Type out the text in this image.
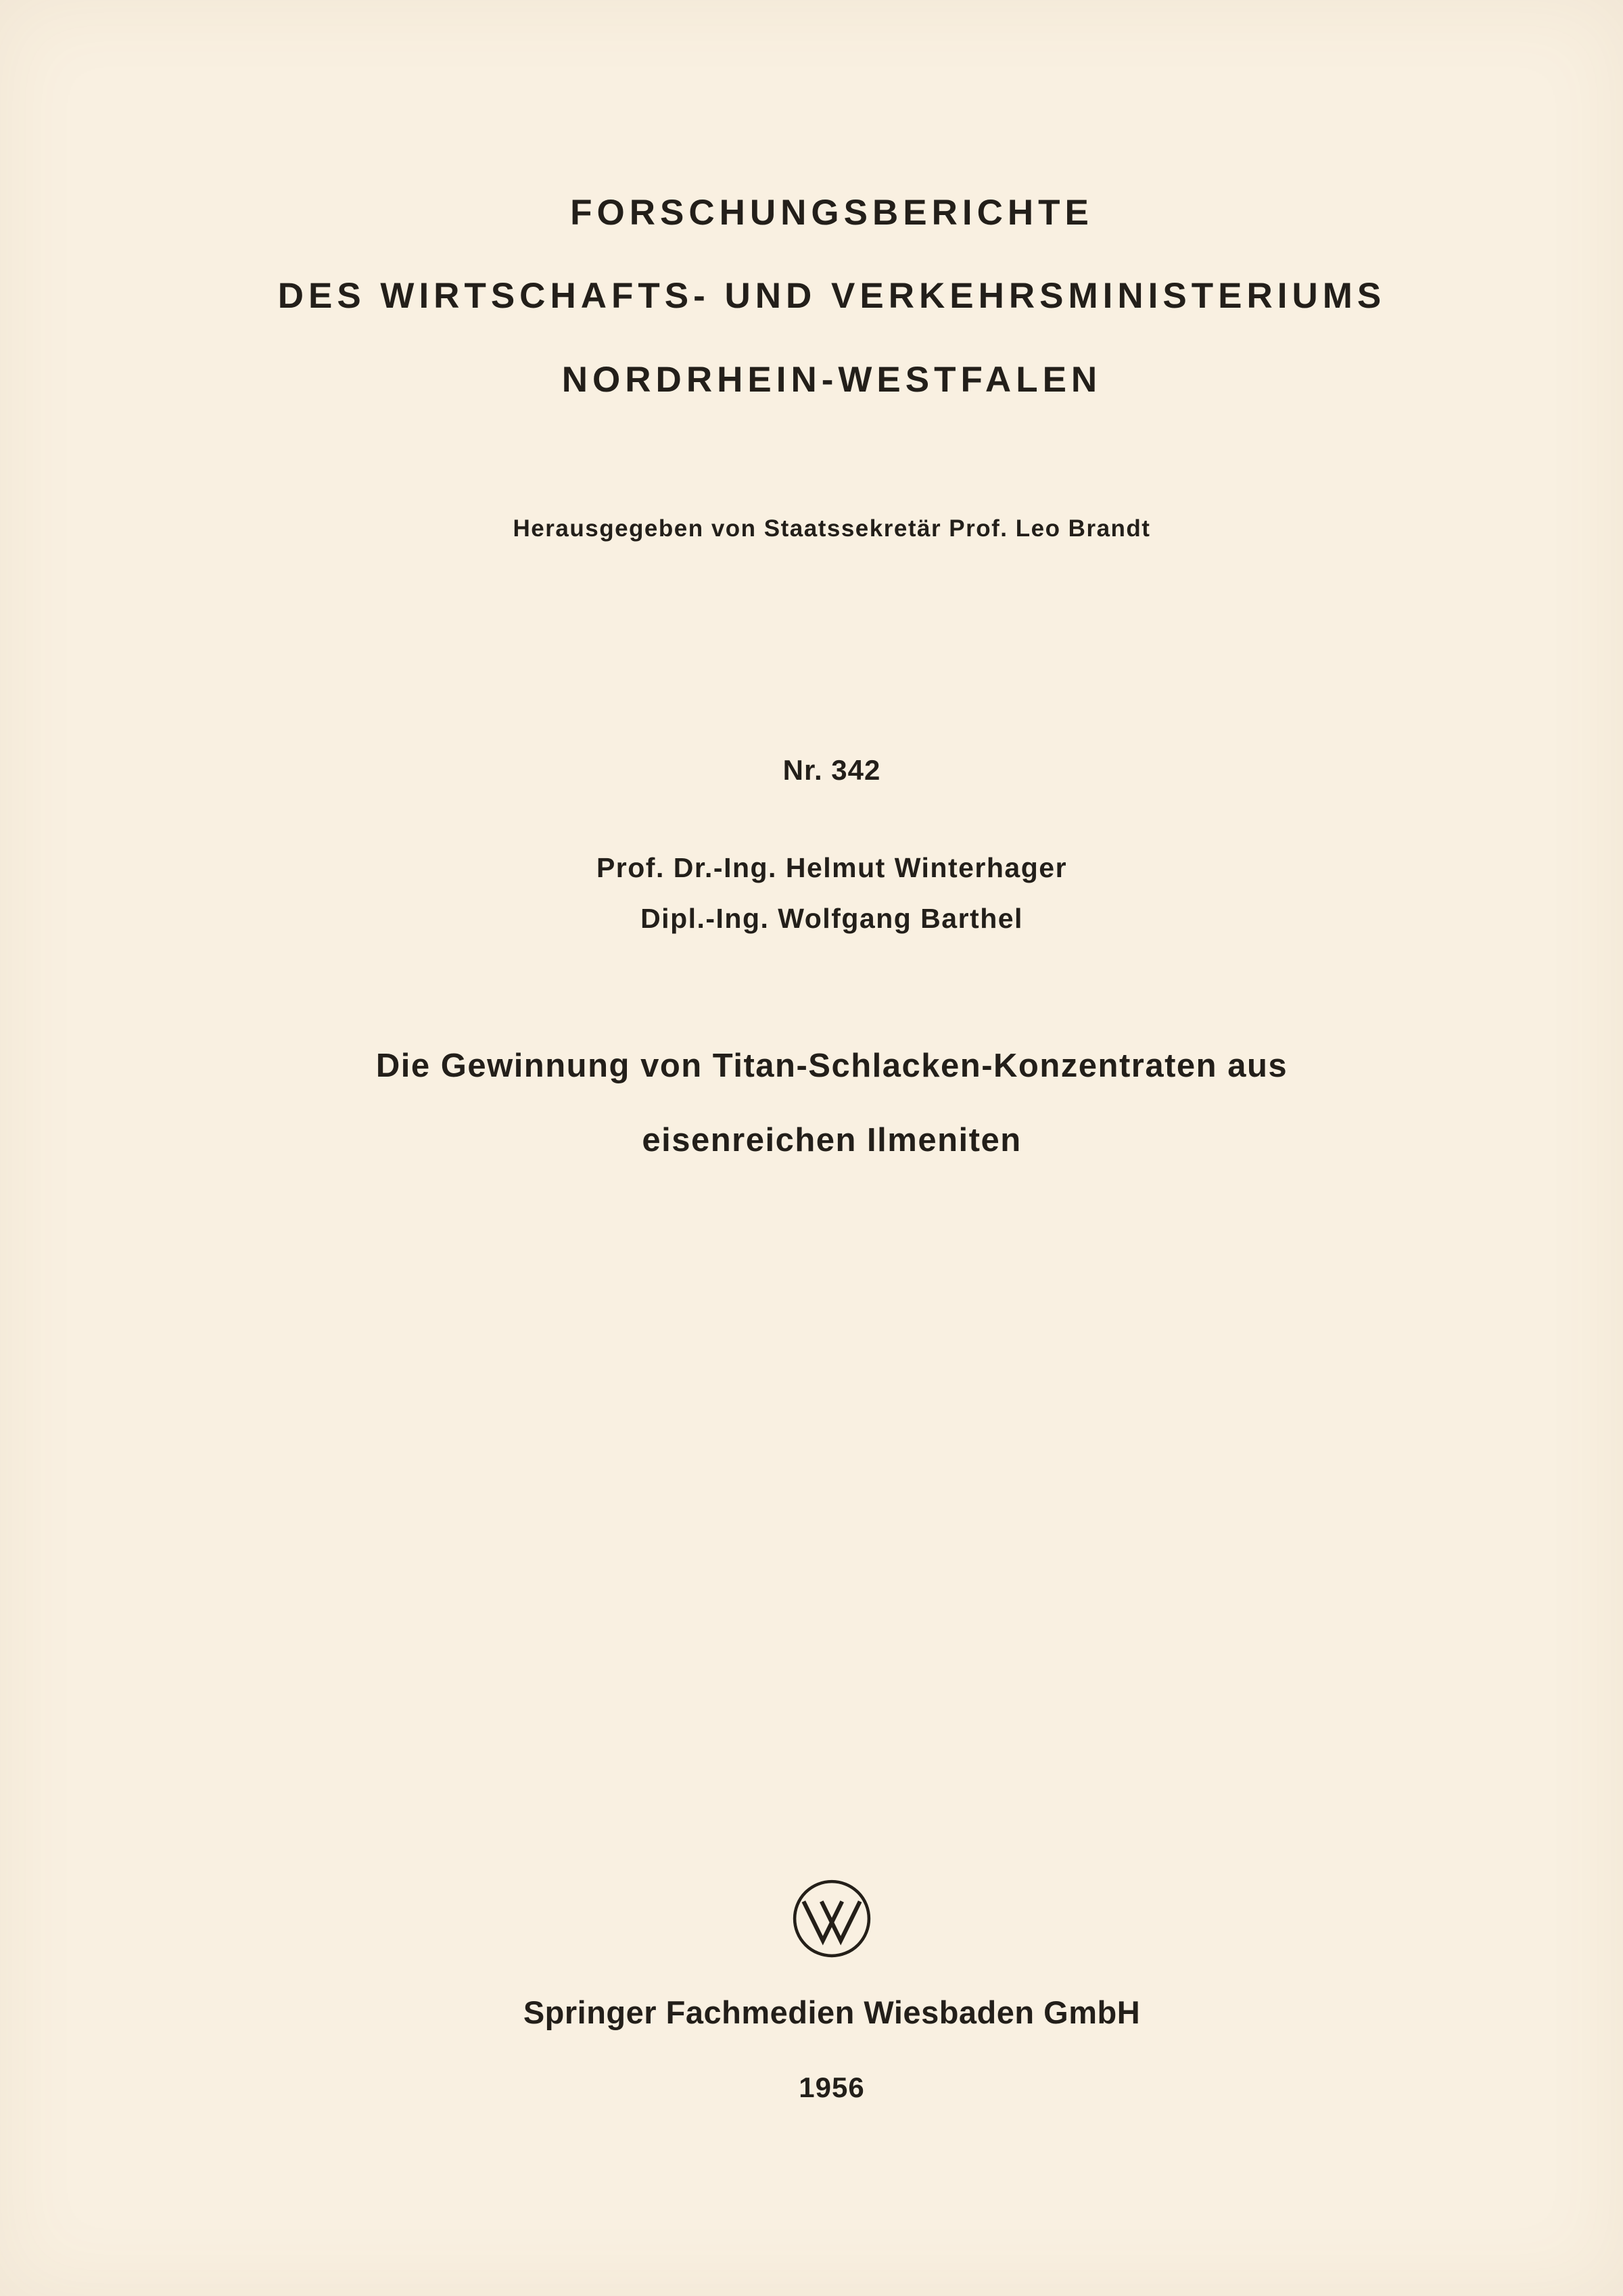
FORSCHUNGSBERICHTE
DES WIRTSCHAFTS- UND VERKEHRSMINISTERIUMS
NORDRHEIN-WESTFALEN
Herausgegeben von Staatssekretär Prof. Leo Brandt
Nr. 342
Prof. Dr.-Ing. Helmut Winterhager
Dipl.-Ing. Wolfgang Barthel
Die Gewinnung von Titan-Schlacken-Konzentraten aus
eisenreichen Ilmeniten
Springer Fachmedien Wiesbaden GmbH
1956
